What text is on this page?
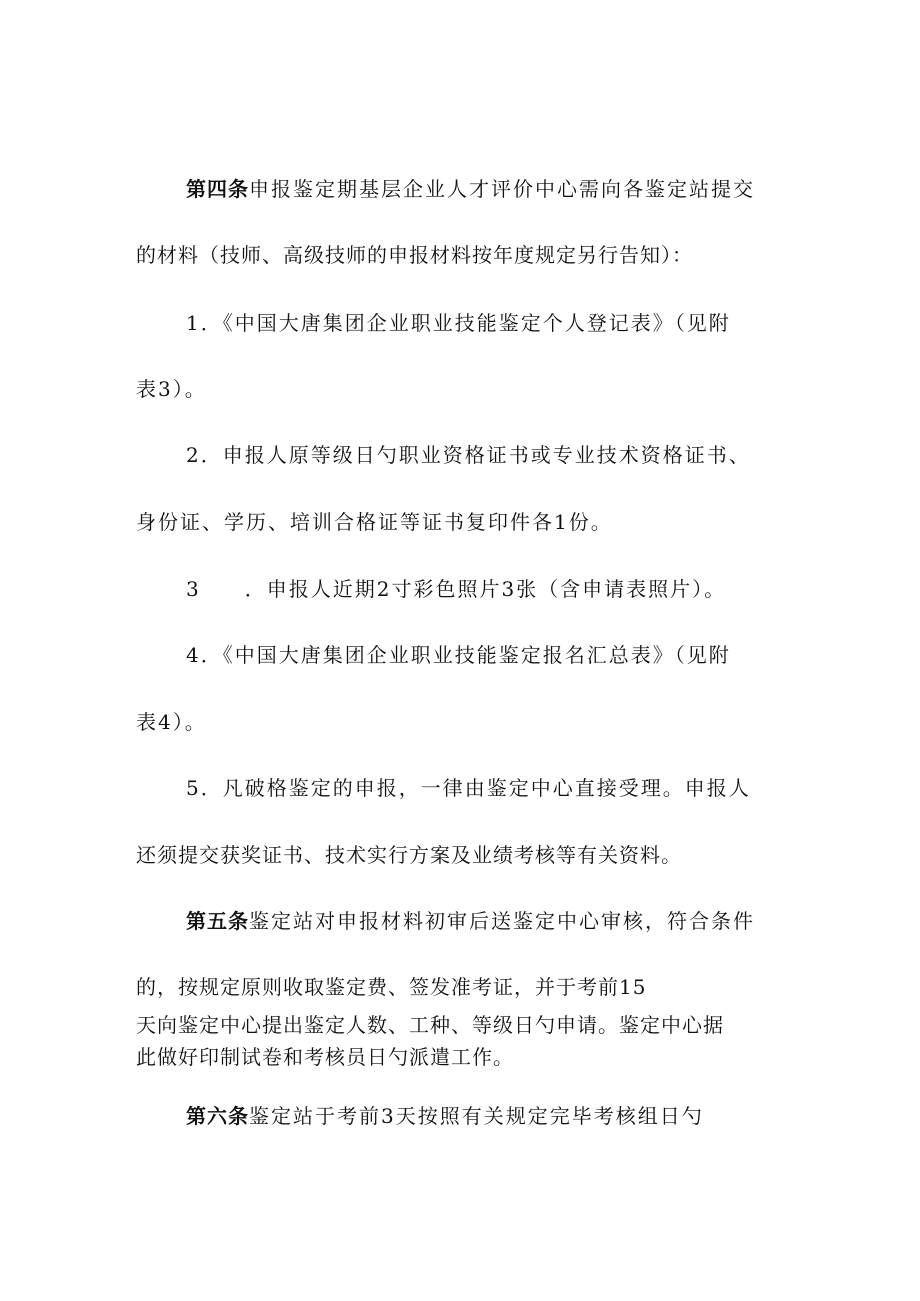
第四条申报鉴定期基层企业人才评价中心需向各鉴定站提交
的材料（技师、高级技师的申报材料按年度规定另行告知）：
1．《中国大唐集团企业职业技能鉴定个人登记表》（见附
表3）。
2．申报人原等级日勺职业资格证书或专业技术资格证书、
身份证、学历、培训合格证等证书复印件各1份。
3 ．申报人近期2寸彩色照片3张（含申请表照片）。
4．《中国大唐集团企业职业技能鉴定报名汇总表》（见附
表4）。
5．凡破格鉴定的申报，一律由鉴定中心直接受理。申报人
还须提交获奖证书、技术实行方案及业绩考核等有关资料。
第五条鉴定站对申报材料初审后送鉴定中心审核，符合条件
的，按规定原则收取鉴定费、签发准考证，并于考前15
天向鉴定中心提出鉴定人数、工种、等级日勺申请。鉴定中心据
此做好印制试卷和考核员日勺派遣工作。
第六条鉴定站于考前3天按照有关规定完毕考核组日勺
